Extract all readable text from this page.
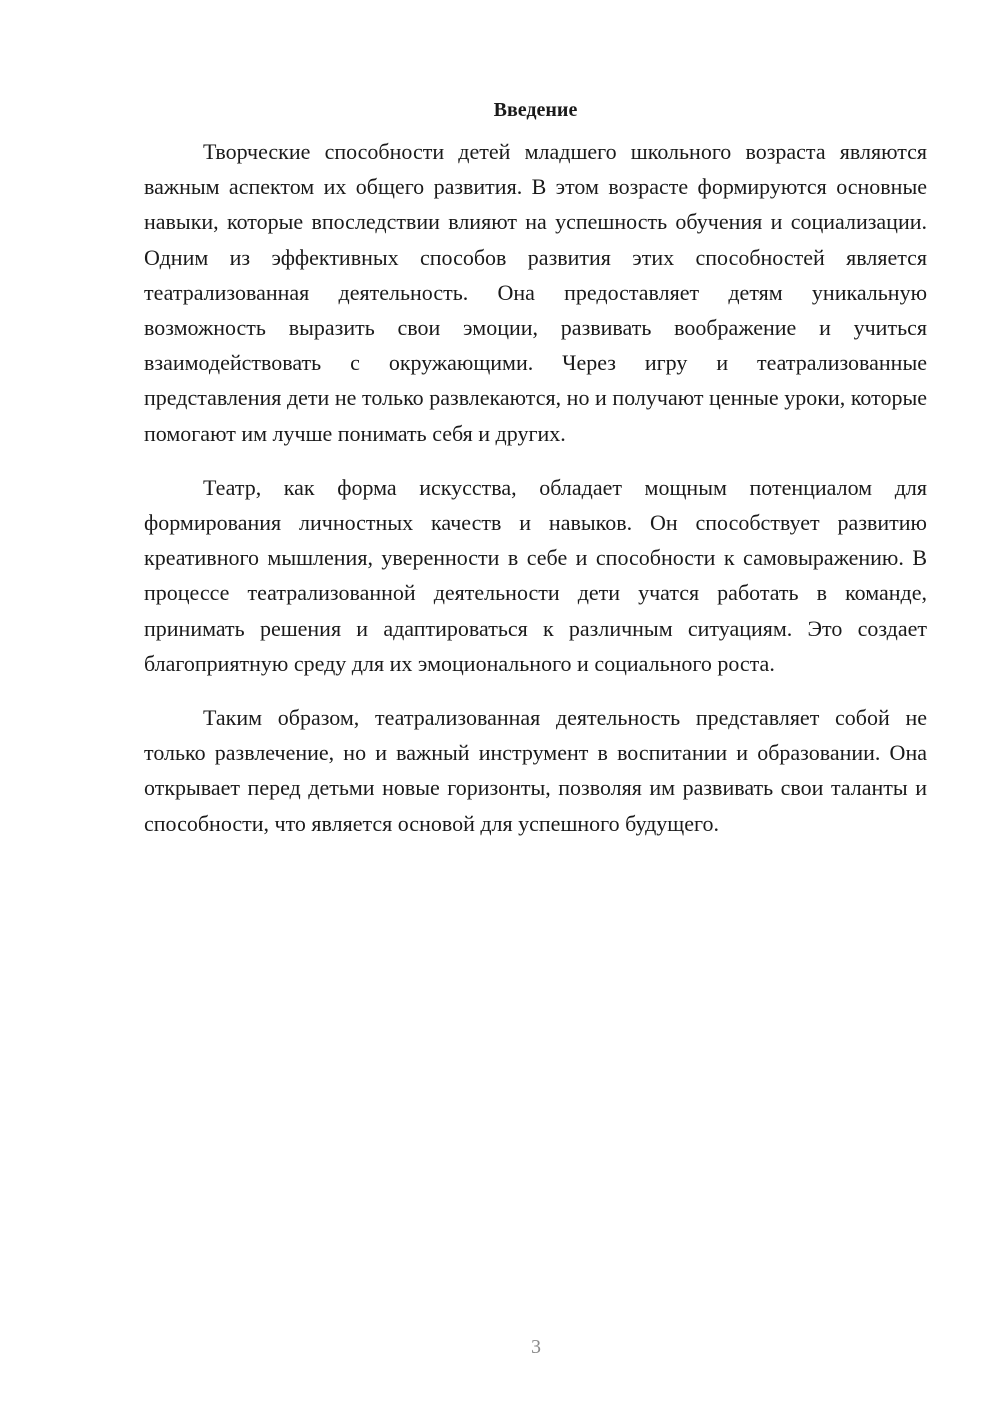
Введение

Творческие способности детей младшего школьного возраста являются важным аспектом их общего развития. В этом возрасте формируются основные навыки, которые впоследствии влияют на успешность обучения и социализации. Одним из эффективных способов развития этих способностей является театрализованная деятельность. Она предоставляет детям уникальную возможность выразить свои эмоции, развивать воображение и учиться взаимодействовать с окружающими. Через игру и театрализованные представления дети не только развлекаются, но и получают ценные уроки, которые помогают им лучше понимать себя и других.

Театр, как форма искусства, обладает мощным потенциалом для формирования личностных качеств и навыков. Он способствует развитию креативного мышления, уверенности в себе и способности к самовыражению. В процессе театрализованной деятельности дети учатся работать в команде, принимать решения и адаптироваться к различным ситуациям. Это создает благоприятную среду для их эмоционального и социального роста.

Таким образом, театрализованная деятельность представляет собой не только развлечение, но и важный инструмент в воспитании и образовании. Она открывает перед детьми новые горизонты, позволяя им развивать свои таланты и способности, что является основой для успешного будущего.

3
